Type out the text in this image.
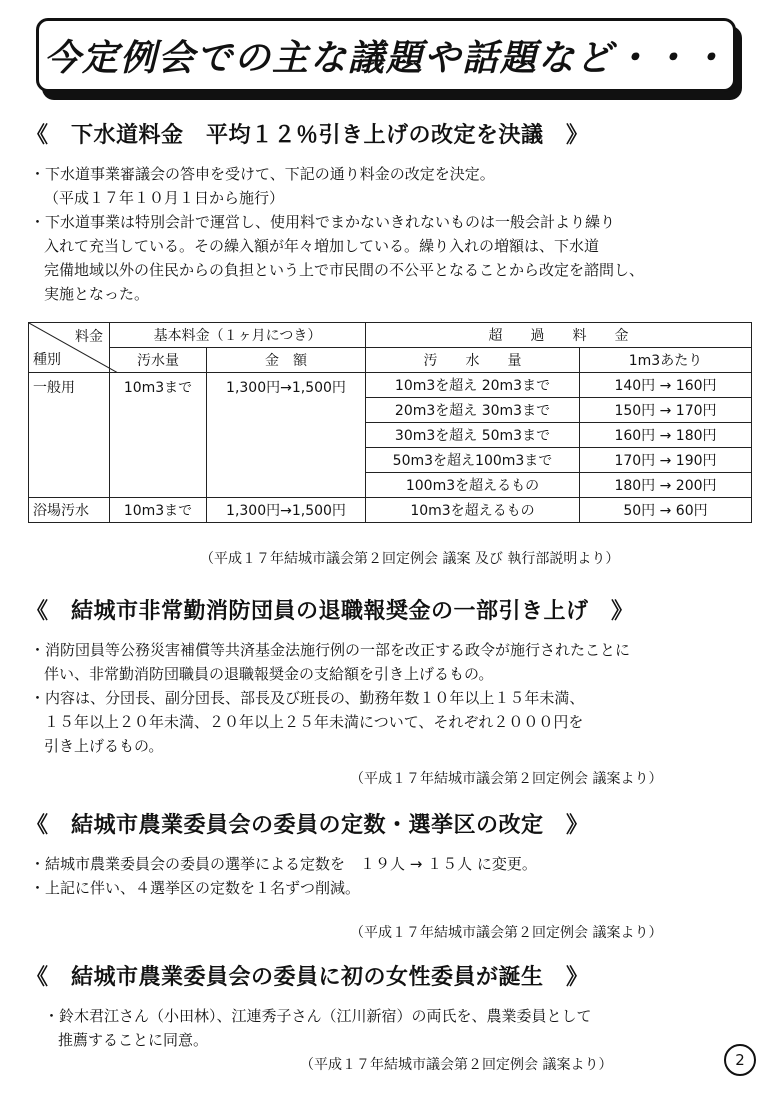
今定例会での主な議題や話題など・・・
《　下水道料金　平均１２％引き上げの改定を決議　》
・下水道事業審議会の答申を受けて、下記の通り料金の改定を決定。
（平成１７年１０月１日から施行）
・下水道事業は特別会計で運営し、使用料でまかないきれないものは一般会計より繰り
入れて充当している。その繰入額が年々増加している。繰り入れの増額は、下水道
完備地域以外の住民からの負担という上で市民間の不公平となることから改定を諮問し、
実施となった。
料金
種別	基本料金（１ヶ月につき）		超　　過　　料　　金	
	汚水量	金　額	汚　　水　　量	1m3あたり
一般用	10m3まで	1,300円→1,500円	10m3を超え 20m3まで	140円 → 160円
			20m3を超え 30m3まで	150円 → 170円
			30m3を超え 50m3まで	160円 → 180円
			50m3を超え100m3まで	170円 → 190円
			100m3を超えるもの	180円 → 200円
浴場汚水	10m3まで	1,300円→1,500円	10m3を超えるもの	50円 → 60円
（平成１７年結城市議会第２回定例会 議案 及び 執行部説明より）
《　結城市非常勤消防団員の退職報奨金の一部引き上げ　》
・消防団員等公務災害補償等共済基金法施行例の一部を改正する政令が施行されたことに
伴い、非常勤消防団職員の退職報奨金の支給額を引き上げるもの。
・内容は、分団長、副分団長、部長及び班長の、勤務年数１０年以上１５年未満、
１５年以上２０年未満、２０年以上２５年未満について、それぞれ２０００円を
引き上げるもの。
（平成１７年結城市議会第２回定例会 議案より）
《　結城市農業委員会の委員の定数・選挙区の改定　》
・結城市農業委員会の委員の選挙による定数を　１９人 → １５人 に変更。
・上記に伴い、４選挙区の定数を１名ずつ削減。
（平成１７年結城市議会第２回定例会 議案より）
《　結城市農業委員会の委員に初の女性委員が誕生　》
・鈴木君江さん（小田林）、江連秀子さん（江川新宿）の両氏を、農業委員として
推薦することに同意。
（平成１７年結城市議会第２回定例会 議案より）	2
